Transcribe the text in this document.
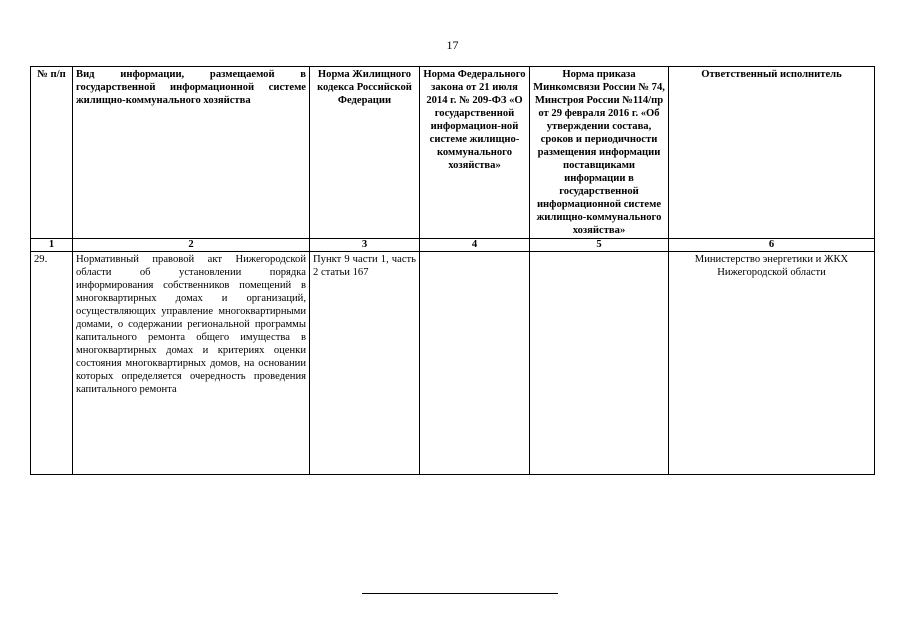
17
№ п/п	Вид информации, размещаемой в государственной информационной системе жилищно-коммунального хозяйства	Норма Жилищного кодекса Российской Федерации	Норма Федерального закона от 21 июля 2014 г. № 209-ФЗ «О государственной информацион-ной системе жилищно-коммунального хозяйства»	Норма приказа Минкомсвязи России № 74, Минстроя России №114/пр от 29 февраля 2016 г. «Об утверждении состава, сроков и периодичности размещения информации поставщиками информации в государственной информационной системе жилищно-коммунального хозяйства»	Ответственный исполнитель
1	2	3	4	5	6
29.	Нормативный правовой акт Нижегородской области об установлении порядка информирования собственников помещений в многоквартирных домах и организаций, осуществляющих управление многоквартирными домами, о содержании региональной программы капитального ремонта общего имущества в многоквартирных домах и критериях оценки состояния многоквартирных домов, на основании которых определяется очередность проведения капитального ремонта	Пункт 9 части 1, часть 2 статьи 167			Министерство энергетики и ЖКХ Нижегородской области
